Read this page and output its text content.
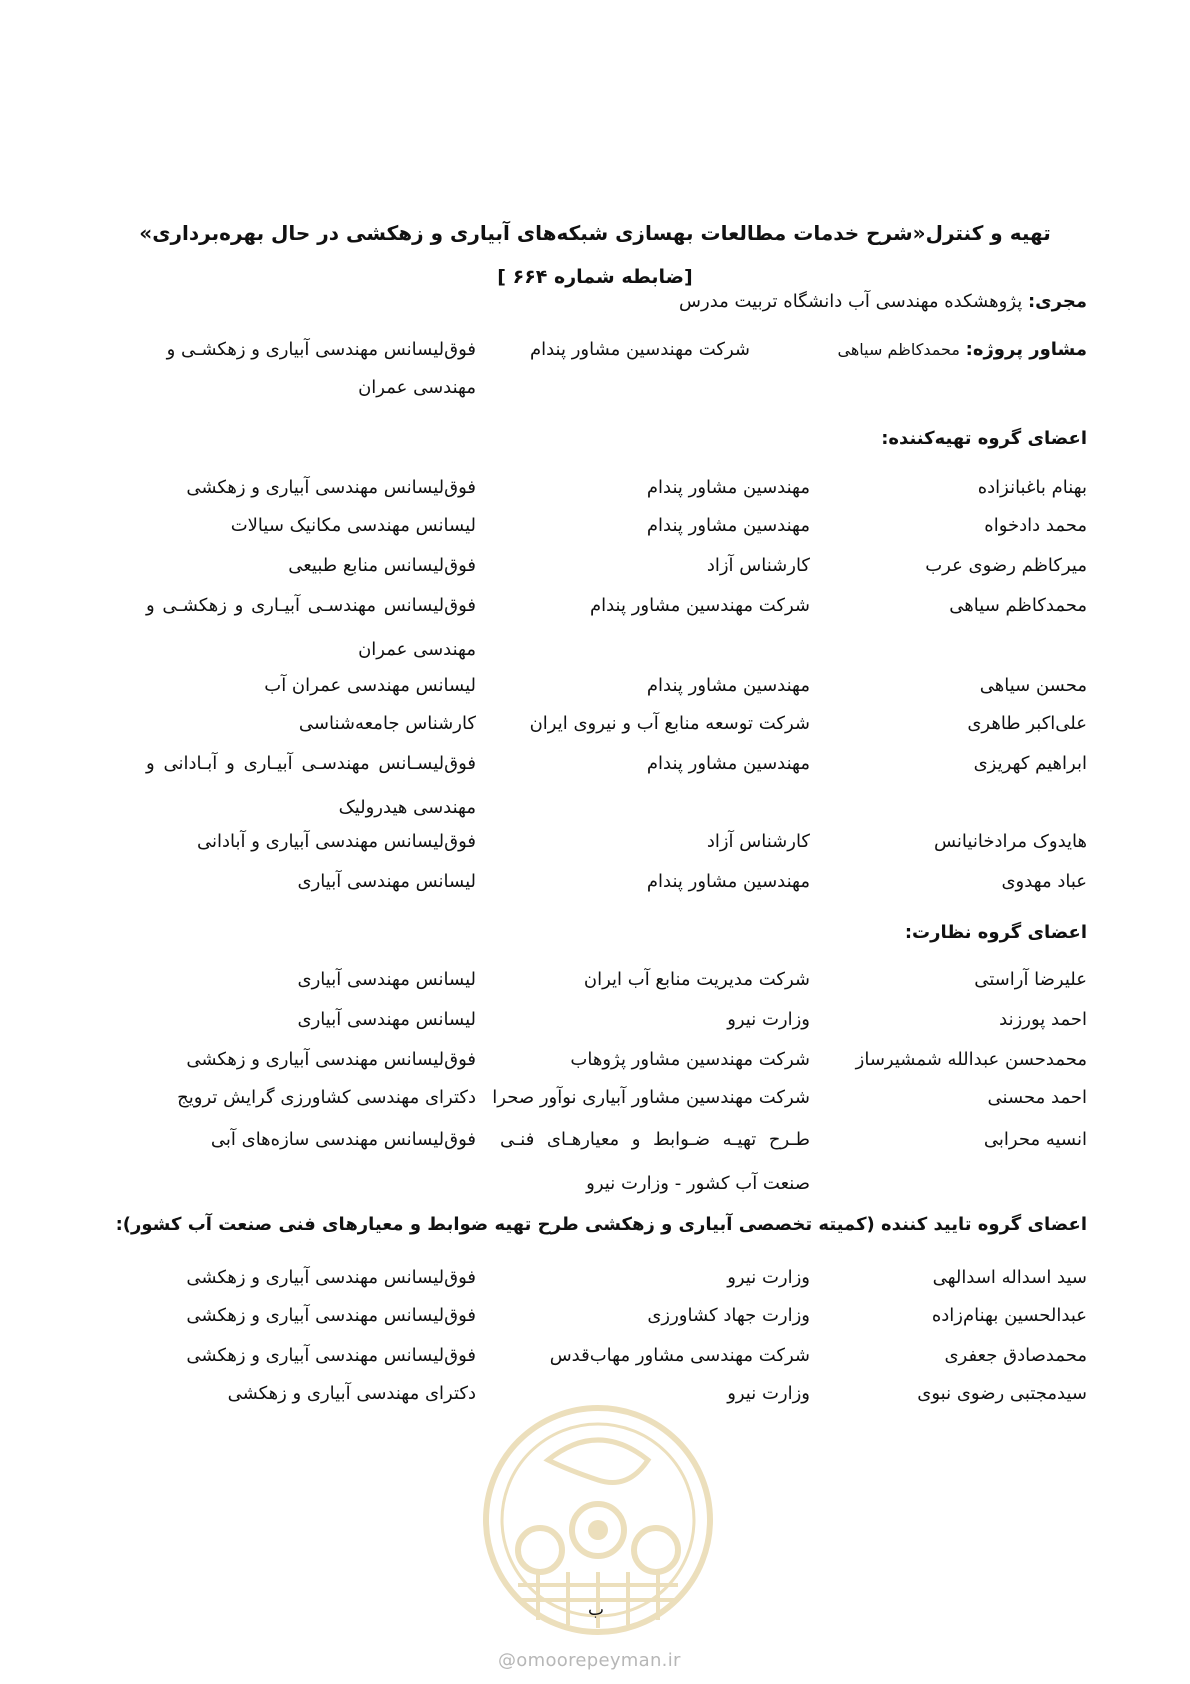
تهیه و کنترل«شرح خدمات مطالعات بهسازی شبکه‌های آبیاری و زهکشی در حال بهره‌برداری»
[ضابطه شماره ۶۶۴ ]
مجری: پژوهشکده مهندسی آب دانشگاه تربیت مدرس
مشاور پروژه: محمدکاظم سیاهی
شرکت مهندسین مشاور پندام
فوق‌لیسانس مهندسی آبیاری و زهکشـی و
مهندسی عمران
اعضای گروه تهیه‌کننده:
بهنام باغبانزاده
مهندسین مشاور پندام
فوق‌لیسانس مهندسی آبیاری و زهکشی
محمد دادخواه
مهندسین مشاور پندام
لیسانس مهندسی مکانیک سیالات
میرکاظم رضوی عرب
کارشناس آزاد
فوق‌لیسانس منابع طبیعی
محمدکاظم سیاهی
شرکت مهندسین مشاور پندام
فوق‌لیسانس مهندسـی آبیـاری و زهکشـی و مهندسی عمران
محسن سیاهی
مهندسین مشاور پندام
لیسانس مهندسی عمران آب
علی‌اکبر طاهری
شرکت توسعه منابع آب و نیروی ایران
کارشناس جامعه‌شناسی
ابراهیم کهریزی
مهندسین مشاور پندام
فوق‌لیسـانس مهندسـی آبیـاری و آبـادانی و مهندسی هیدرولیک
هایدوک مرادخانیانس
کارشناس آزاد
فوق‌لیسانس مهندسی آبیاری و آبادانی
عباد مهدوی
مهندسین مشاور پندام
لیسانس مهندسی آبیاری
اعضای گروه نظارت:
علیرضا آراستی
شرکت مدیریت منابع آب ایران
لیسانس مهندسی آبیاری
احمد پورزند
وزارت نیرو
لیسانس مهندسی آبیاری
محمدحسن عبدالله شمشیرساز
شرکت مهندسین مشاور پژوهاب
فوق‌لیسانس مهندسی آبیاری و زهکشی
احمد محسنی
شرکت مهندسین مشاور آبیاری نوآور صحرا
دکترای مهندسی کشاورزی گرایش ترویج
انسیه محرابی
طـرح تهیـه ضـوابط و معیارهـای فنـی صنعت آب کشور - وزارت نیرو
فوق‌لیسانس مهندسی سازه‌های آبی
اعضای گروه تایید کننده (کمیته تخصصی آبیاری و زهکشی طرح تهیه ضوابط و معیارهای فنی صنعت آب کشور):
سید اسداله اسدالهی
وزارت نیرو
فوق‌لیسانس مهندسی آبیاری و زهکشی
عبدالحسین بهنام‌زاده
وزارت جهاد کشاورزی
فوق‌لیسانس مهندسی آبیاری و زهکشی
محمدصادق جعفری
شرکت مهندسی مشاور مهاب‌قدس
فوق‌لیسانس مهندسی آبیاری و زهکشی
سیدمجتبی رضوی نبوی
وزارت نیرو
دکترای مهندسی آبیاری و زهکشی
ب
@omoorepeyman.ir
